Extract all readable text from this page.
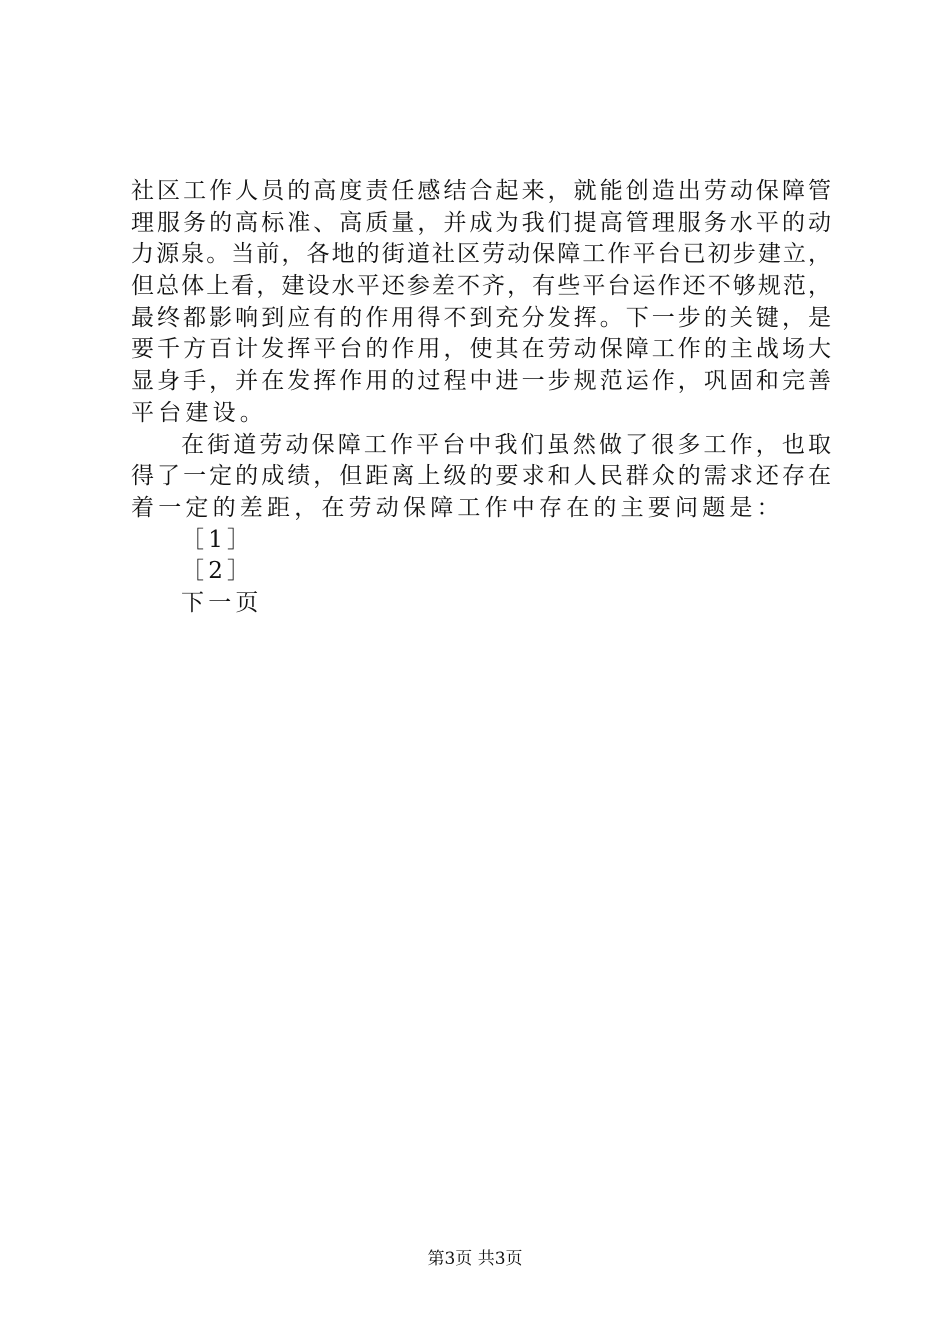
社区工作人员的高度责任感结合起来，就能创造出劳动保障管
理服务的高标准、高质量，并成为我们提高管理服务水平的动
力源泉。当前，各地的街道社区劳动保障工作平台已初步建立，
但总体上看，建设水平还参差不齐，有些平台运作还不够规范，
最终都影响到应有的作用得不到充分发挥。下一步的关键，是
要千方百计发挥平台的作用，使其在劳动保障工作的主战场大
显身手，并在发挥作用的过程中进一步规范运作，巩固和完善
平台建设。
在街道劳动保障工作平台中我们虽然做了很多工作，也取
得了一定的成绩，但距离上级的要求和人民群众的需求还存在
着一定的差距，在劳动保障工作中存在的主要问题是：
［1］
［2］
下一页
第3页 共3页
